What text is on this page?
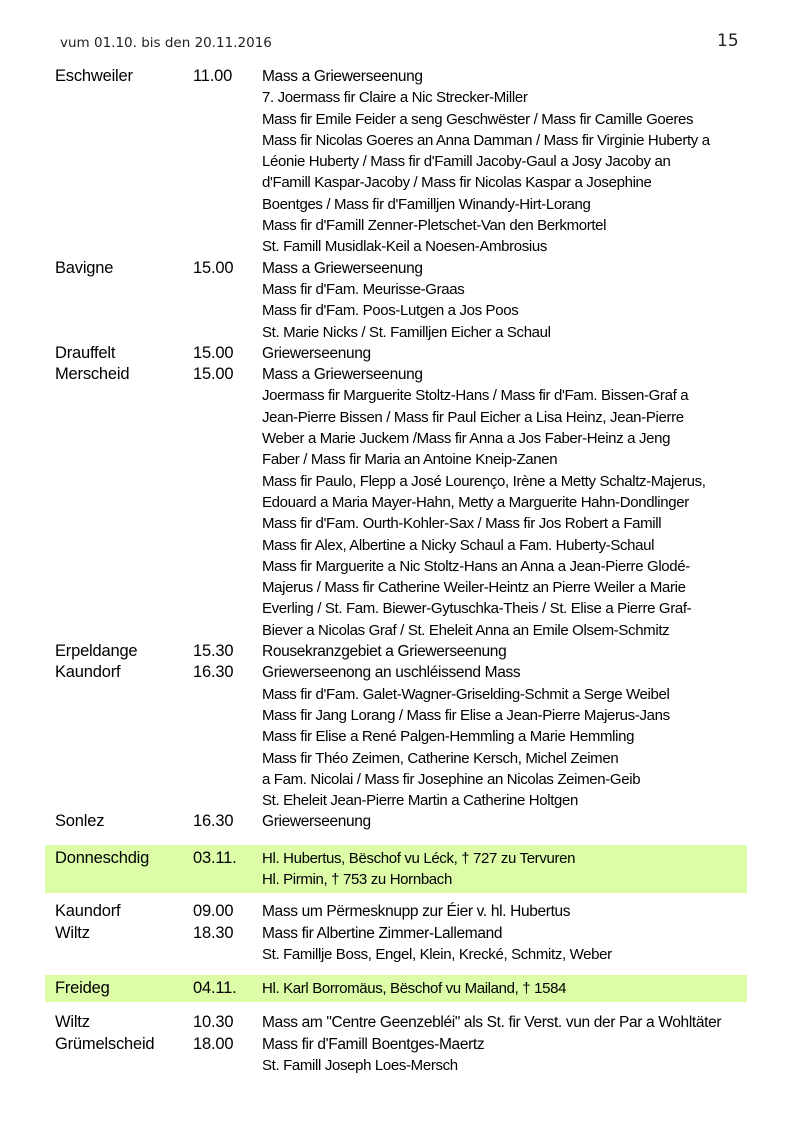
vum 01.10. bis den 20.11.2016	15
Eschweiler	11.00 Mass a Griewerseenung
7. Joermass fir Claire a Nic Strecker-Miller
Mass fir Emile Feider a seng Geschwëster / Mass fir Camille Goeres
Mass fir Nicolas Goeres an Anna Damman / Mass fir Virginie Huberty a
Léonie Huberty / Mass fir d'Famill Jacoby-Gaul a Josy Jacoby an
d'Famill Kaspar-Jacoby / Mass fir Nicolas Kaspar a Josephine
Boentges / Mass fir d'Familljen Winandy-Hirt-Lorang
Mass fir d'Famill Zenner-Pletschet-Van den Berkmortel
St. Famill Musidlak-Keil a Noesen-Ambrosius
Bavigne	15.00 Mass a Griewerseenung
Mass fir d'Fam. Meurisse-Graas
Mass fir d'Fam. Poos-Lutgen a Jos Poos
St. Marie Nicks / St. Familljen Eicher a Schaul
Drauffelt	15.00 Griewerseenung
Merscheid	15.00 Mass a Griewerseenung
Joermass fir Marguerite Stoltz-Hans / Mass fir d'Fam. Bissen-Graf a
Jean-Pierre Bissen / Mass fir Paul Eicher a Lisa Heinz, Jean-Pierre
Weber a Marie Juckem /Mass fir Anna a Jos Faber-Heinz a Jeng
Faber / Mass fir Maria an Antoine Kneip-Zanen
Mass fir Paulo, Flepp a José Lourenço, Irène a Metty Schaltz-Majerus,
Edouard a Maria Mayer-Hahn, Metty a Marguerite Hahn-Dondlinger
Mass fir d'Fam. Ourth-Kohler-Sax / Mass fir Jos Robert a Famill
Mass fir Alex, Albertine a Nicky Schaul a Fam. Huberty-Schaul
Mass fir Marguerite a Nic Stoltz-Hans an Anna a Jean-Pierre Glodé-
Majerus / Mass fir Catherine Weiler-Heintz an Pierre Weiler a Marie
Everling / St. Fam. Biewer-Gytuschka-Theis / St. Elise a Pierre Graf-
Biever a Nicolas Graf / St. Eheleit Anna an Emile Olsem-Schmitz
Erpeldange	15.30 Rousekranzgebiet a Griewerseenung
Kaundorf	16.30 Griewerseenong an uschléissend Mass
Mass fir d'Fam. Galet-Wagner-Griselding-Schmit a Serge Weibel
Mass fir Jang Lorang / Mass fir Elise a Jean-Pierre Majerus-Jans
Mass fir Elise a René Palgen-Hemmling a Marie Hemmling
Mass fir Théo Zeimen, Catherine Kersch, Michel Zeimen
a Fam. Nicolai / Mass fir Josephine an Nicolas Zeimen-Geib
St. Eheleit Jean-Pierre Martin a Catherine Holtgen
Sonlez	16.30 Griewerseenung
Donneschdig	03.11. Hl. Hubertus, Bëschof vu Léck, † 727 zu Tervuren
Hl. Pirmin, † 753 zu Hornbach
Kaundorf	09.00 Mass um Përmesknupp zur Éier v. hl. Hubertus
Wiltz	18.30 Mass fir Albertine Zimmer-Lallemand
St. Famillje Boss, Engel, Klein, Krecké, Schmitz, Weber
Freideg	04.11. Hl. Karl Borromäus, Bëschof vu Mailand, † 1584
Wiltz	10.30 Mass am "Centre Geenzebléi" als St. fir Verst. vun der Par a Wohltäter
Grümelscheid 18.00 Mass fir d'Famill Boentges-Maertz
St. Famill Joseph Loes-Mersch
